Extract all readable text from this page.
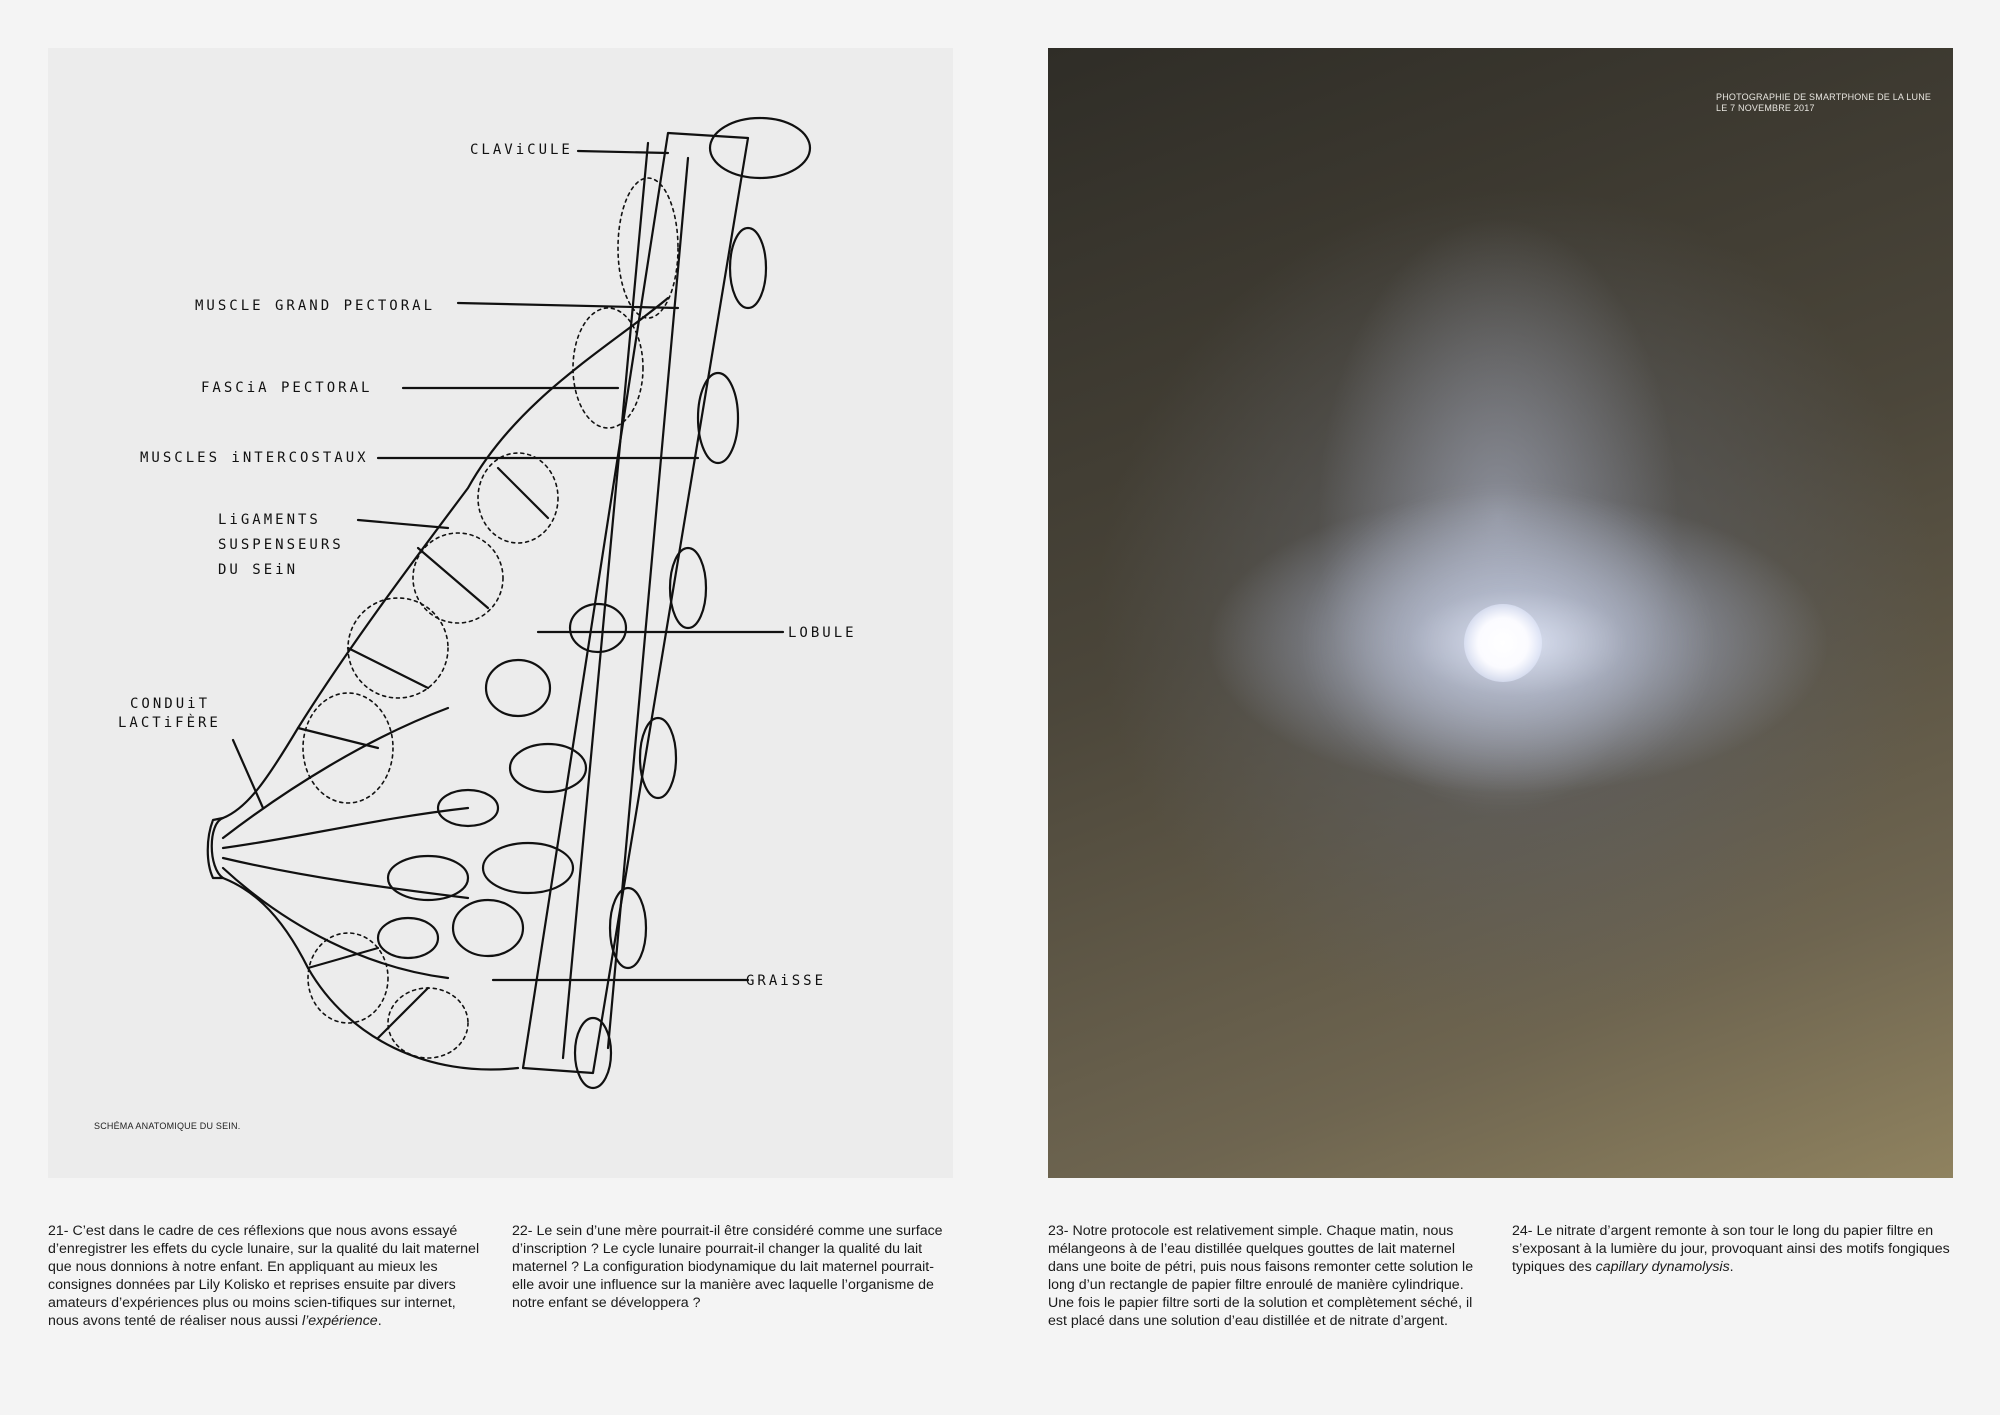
CLAViCULE
MUSCLE GRAND PECTORAL
FASCiA PECTORAL
MUSCLES iNTERCOSTAUX
LiGAMENTS
SUSPENSEURS
DU SEiN
LOBULE
CONDUiT
LACTiFÈRE
GRAiSSE
SCHÉMA ANATOMIQUE DU SEIN.
PHOTOGRAPHIE DE SMARTPHONE DE LA LUNE
LE 7 NOVEMBRE 2017
21- C’est dans le cadre de ces réflexions que nous avons essayé d’enregistrer les effets du cycle lunaire, sur la qualité du lait maternel que nous donnions à notre enfant. En appliquant au mieux les consignes données par Lily Kolisko et reprises ensuite par divers amateurs d’expériences plus ou moins scien-tifiques sur internet, nous avons tenté de réaliser nous aussi l’expérience.
22- Le sein d’une mère pourrait-il être considéré comme une surface d’inscription ? Le cycle lunaire pourrait-il changer la qualité du lait maternel ? La configuration biodynamique du lait maternel pourrait-elle avoir une influence sur la manière avec laquelle l’organisme de notre enfant se développera ?
23- Notre protocole est relativement simple. Chaque matin, nous mélangeons à de l’eau distillée quelques gouttes de lait maternel dans une boite de pétri, puis nous faisons remonter cette solution le long d’un rectangle de papier filtre enroulé de manière cylindrique. Une fois le papier filtre sorti de la solution et complètement séché, il est placé dans une solution d’eau distillée et de nitrate d’argent.
24- Le nitrate d’argent remonte à son tour le long du papier filtre en s’exposant à la lumière du jour, provoquant ainsi des motifs fongiques typiques des capillary dynamolysis.
